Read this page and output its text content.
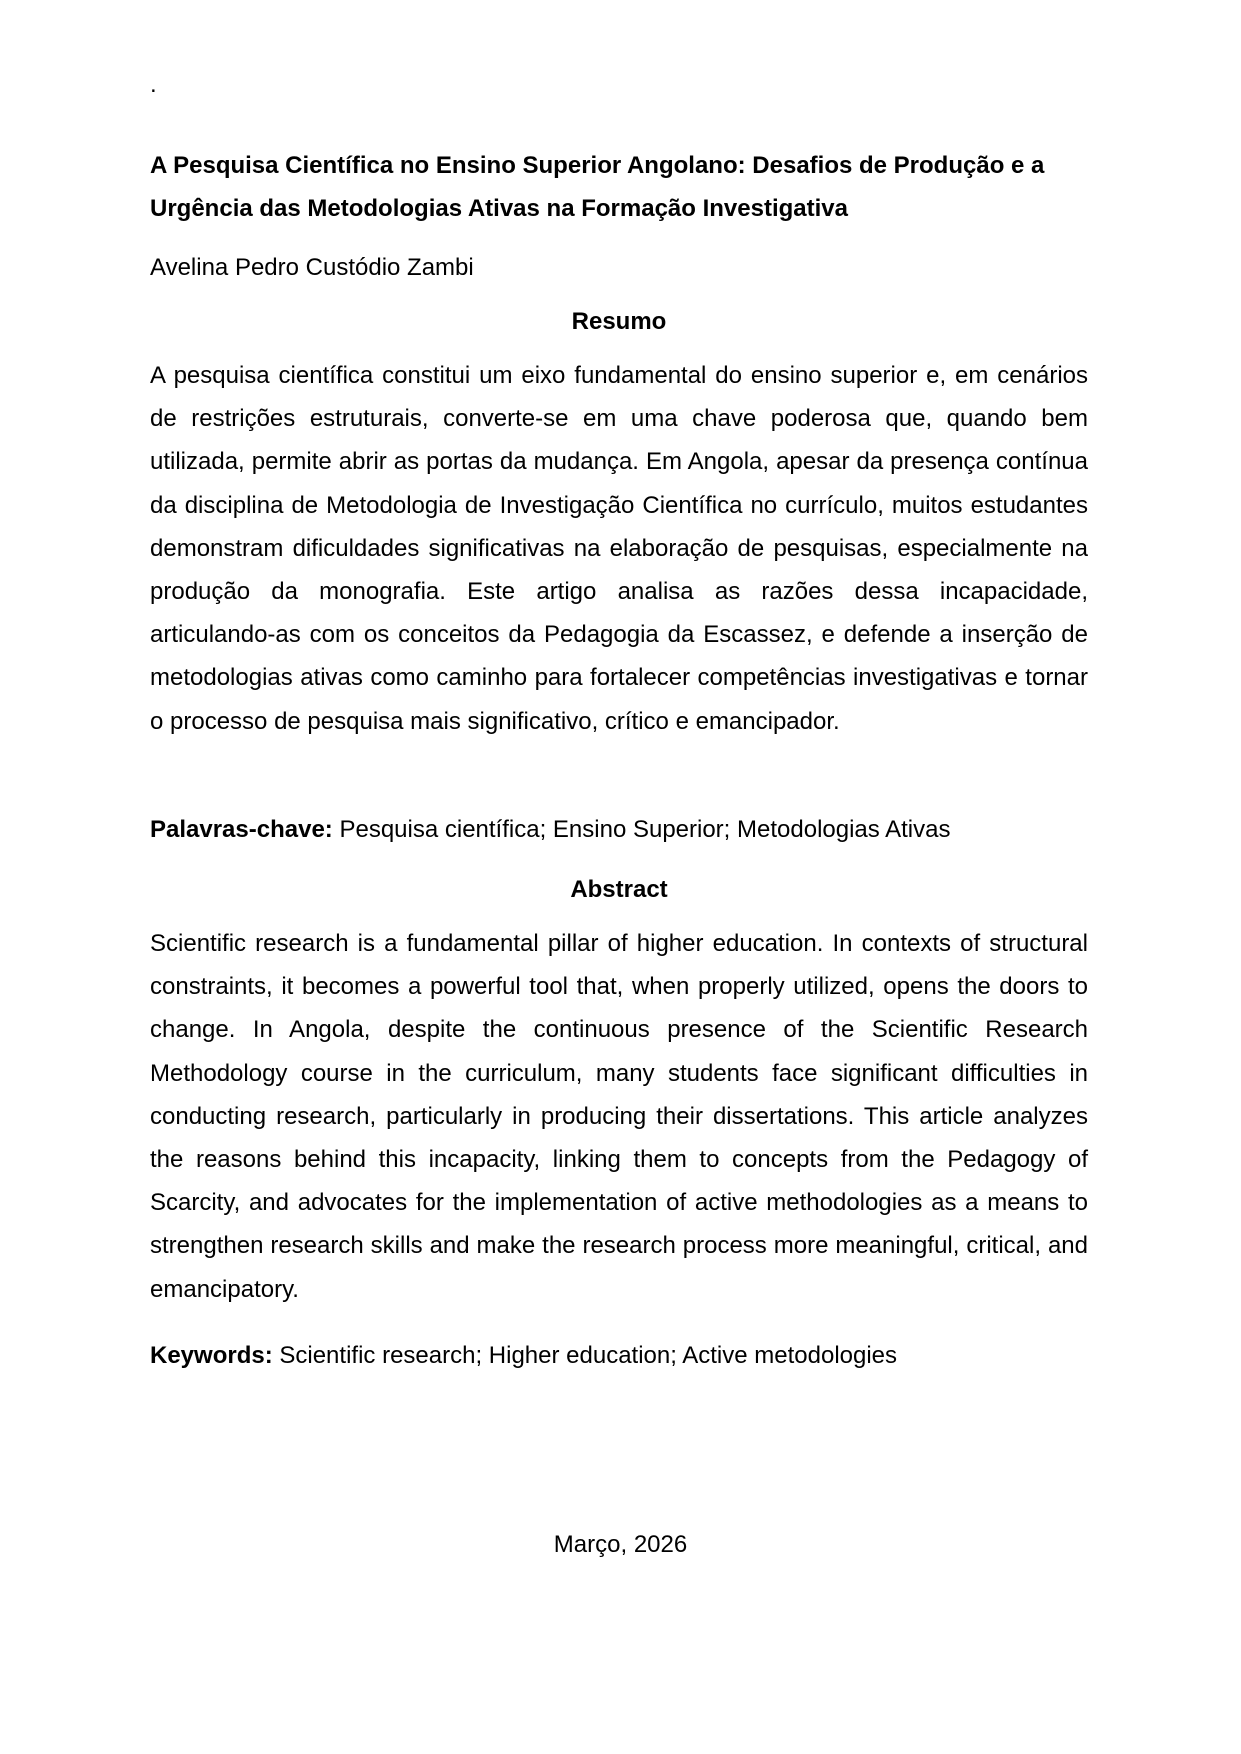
.
A Pesquisa Científica no Ensino Superior Angolano: Desafios de Produção e a Urgência das Metodologias Ativas na Formação Investigativa
Avelina Pedro Custódio Zambi
Resumo

A pesquisa científica constitui um eixo fundamental do ensino superior e, em cenários de restrições estruturais, converte-se em uma chave poderosa que, quando bem utilizada, permite abrir as portas da mudança. Em Angola, apesar da presença contínua da disciplina de Metodologia de Investigação Científica no currículo, muitos estudantes demonstram dificuldades significativas na elaboração de pesquisas, especialmente na produção da monografia. Este artigo analisa as razões dessa incapacidade, articulando-as com os conceitos da Pedagogia da Escassez, e defende a inserção de metodologias ativas como caminho para fortalecer competências investigativas e tornar o processo de pesquisa mais significativo, crítico e emancipador.

Palavras-chave: Pesquisa científica; Ensino Superior; Metodologias Ativas
Abstract

Scientific research is a fundamental pillar of higher education. In contexts of structural constraints, it becomes a powerful tool that, when properly utilized, opens the doors to change. In Angola, despite the continuous presence of the Scientific Research Methodology course in the curriculum, many students face significant difficulties in conducting research, particularly in producing their dissertations. This article analyzes the reasons behind this incapacity, linking them to concepts from the Pedagogy of Scarcity, and advocates for the implementation of active methodologies as a means to strengthen research skills and make the research process more meaningful, critical, and emancipatory.

Keywords: Scientific research; Higher education; Active metodologies
Março, 2026
